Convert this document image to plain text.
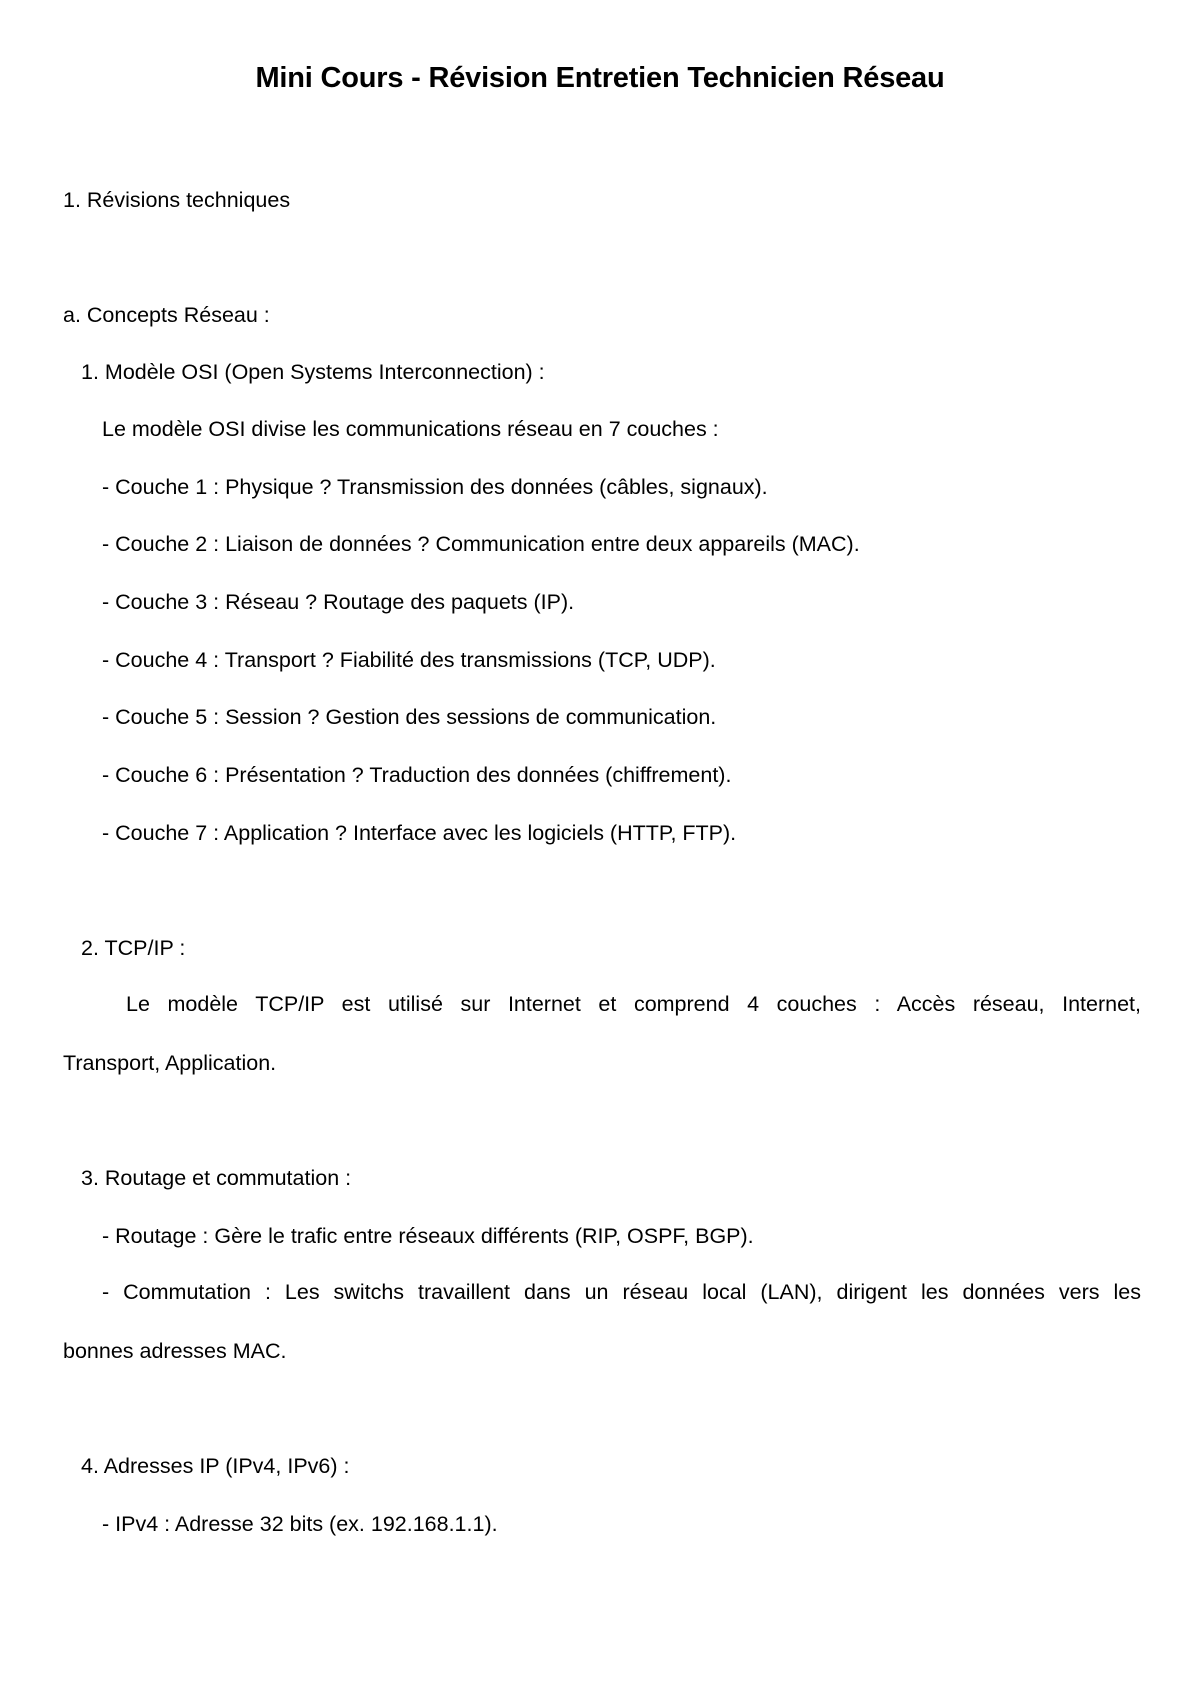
Mini Cours - Révision Entretien Technicien Réseau

1. Révisions techniques

a. Concepts Réseau :

1. Modèle OSI (Open Systems Interconnection) :

Le modèle OSI divise les communications réseau en 7 couches :

- Couche 1 : Physique ? Transmission des données (câbles, signaux).

- Couche 2 : Liaison de données ? Communication entre deux appareils (MAC).

- Couche 3 : Réseau ? Routage des paquets (IP).

- Couche 4 : Transport ? Fiabilité des transmissions (TCP, UDP).

- Couche 5 : Session ? Gestion des sessions de communication.

- Couche 6 : Présentation ? Traduction des données (chiffrement).

- Couche 7 : Application ? Interface avec les logiciels (HTTP, FTP).

2. TCP/IP :

Le modèle TCP/IP est utilisé sur Internet et comprend 4 couches : Accès réseau, Internet,

Transport, Application.

3. Routage et commutation :

- Routage : Gère le trafic entre réseaux différents (RIP, OSPF, BGP).

- Commutation : Les switchs travaillent dans un réseau local (LAN), dirigent les données vers les

bonnes adresses MAC.

4. Adresses IP (IPv4, IPv6) :

- IPv4 : Adresse 32 bits (ex. 192.168.1.1).
